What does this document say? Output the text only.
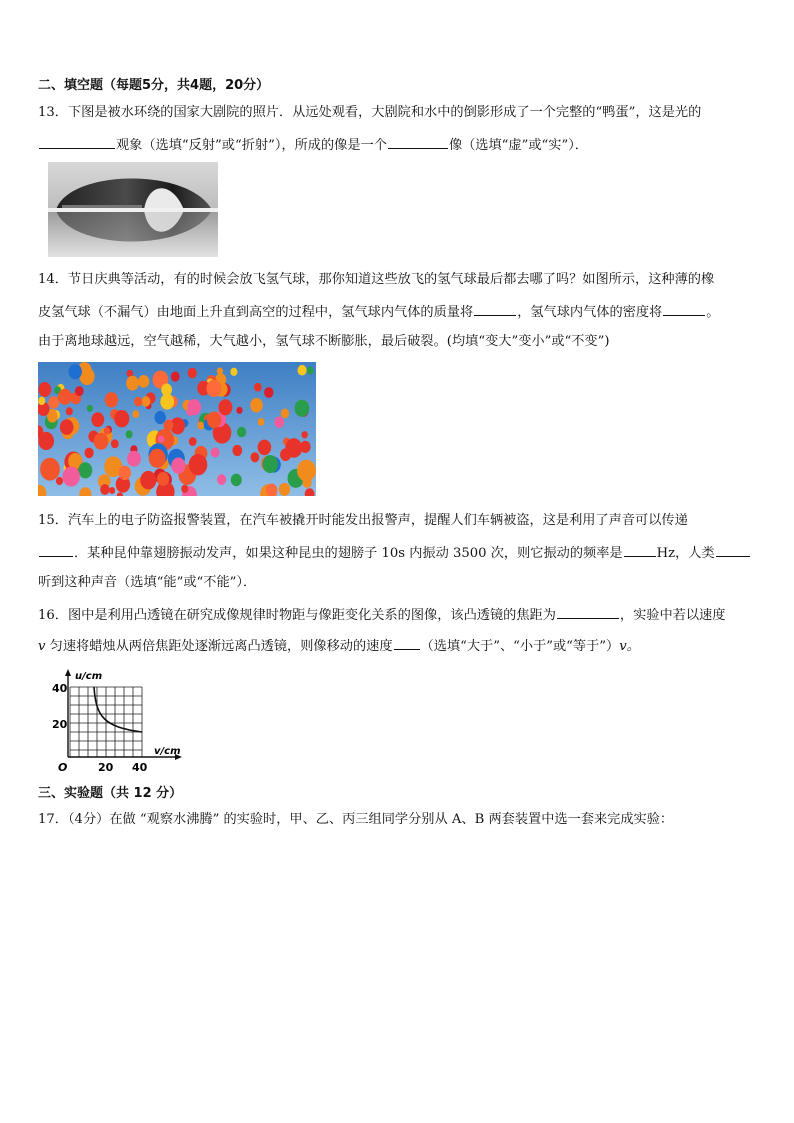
二、填空题（每题5分，共4题，20分）
13．下图是被水环绕的国家大剧院的照片．从远处观看，大剧院和水中的倒影形成了一个完整的“鸭蛋”，这是光的
观象（选填“反射”或“折射”），所成的像是一个	像（选填“虚”或“实”）．
14．节日庆典等活动，有的时候会放飞氢气球，那你知道这些放飞的氢气球最后都去哪了吗？如图所示，这种薄的橡
皮氢气球（不漏气）由地面上升直到高空的过程中，氢气球内气体的质量将	，氢气球内气体的密度将	。
由于离地球越远，空气越稀，大气越小，氢气球不断膨胀，最后破裂。(均填“变大”变小”或“不变”)
15．汽车上的电子防盗报警装置，在汽车被撬开时能发出报警声，提醒人们车辆被盗，这是利用了声音可以传递
．某种昆仲靠翅膀振动发声，如果这种昆虫的翅膀子 10s 内振动 3500 次，则它振动的频率是	Hz，人类
听到这种声音（选填“能”或“不能”）．
16．图中是利用凸透镜在研究成像规律时物距与像距变化关系的图像，该凸透镜的焦距为	，实验中若以速度
v 匀速将蜡烛从两倍焦距处逐渐远离凸透镜，则像移动的速度 （选填“大于”、“小于”或“等于”）v。
u/cm
v/cm
40
20
20 40
O
三、实验题（共 12 分）
17．（4分）在做 “观察水沸腾” 的实验时，甲、乙、丙三组同学分别从 A、B 两套装置中选一套来完成实验：
